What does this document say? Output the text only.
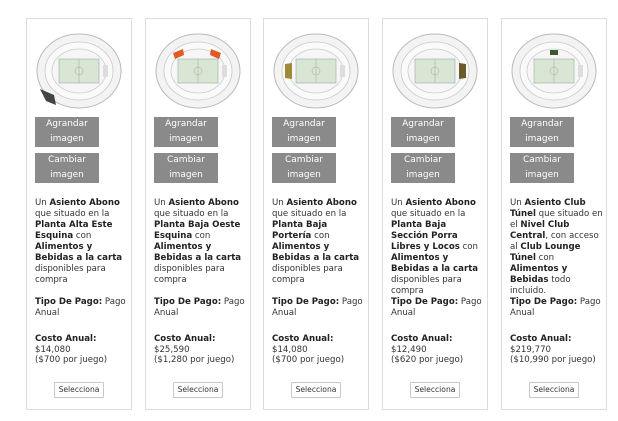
Agrandar imagen
Cambiar imagen
Un Asiento Abono que situado en la Planta Alta Este Esquina con Alimentos y Bebidas a la carta disponibles para compra
Tipo De Pago: Pago Anual
Costo Anual: $14,080
($700 por juego)
Selecciona
Agrandar imagen
Cambiar imagen
Un Asiento Abono que situado en la Planta Baja Oeste Esquina con Alimentos y Bebidas a la carta disponibles para compra
Tipo De Pago: Pago Anual
Costo Anual: $25,590
($1,280 por juego)
Selecciona
Agrandar imagen
Cambiar imagen
Un Asiento Abono que situado en la Planta Baja Portería con Alimentos y Bebidas a la carta disponibles para compra
Tipo De Pago: Pago Anual
Costo Anual: $14,080
($700 por juego)
Selecciona
Agrandar imagen
Cambiar imagen
Un Asiento Abono que situado en la Planta Baja Sección Porra Libres y Locos con Alimentos y Bebidas a la carta disponibles para compra
Tipo De Pago: Pago Anual
Costo Anual: $12,490
($620 por juego)
Selecciona
Agrandar imagen
Cambiar imagen
Un Asiento Club Túnel que situado en el Nivel Club Central, con acceso al Club Lounge Túnel con Alimentos y Bebidas todo incluido.
Tipo De Pago: Pago Anual
Costo Anual: $219,770
($10,990 por juego)
Selecciona
